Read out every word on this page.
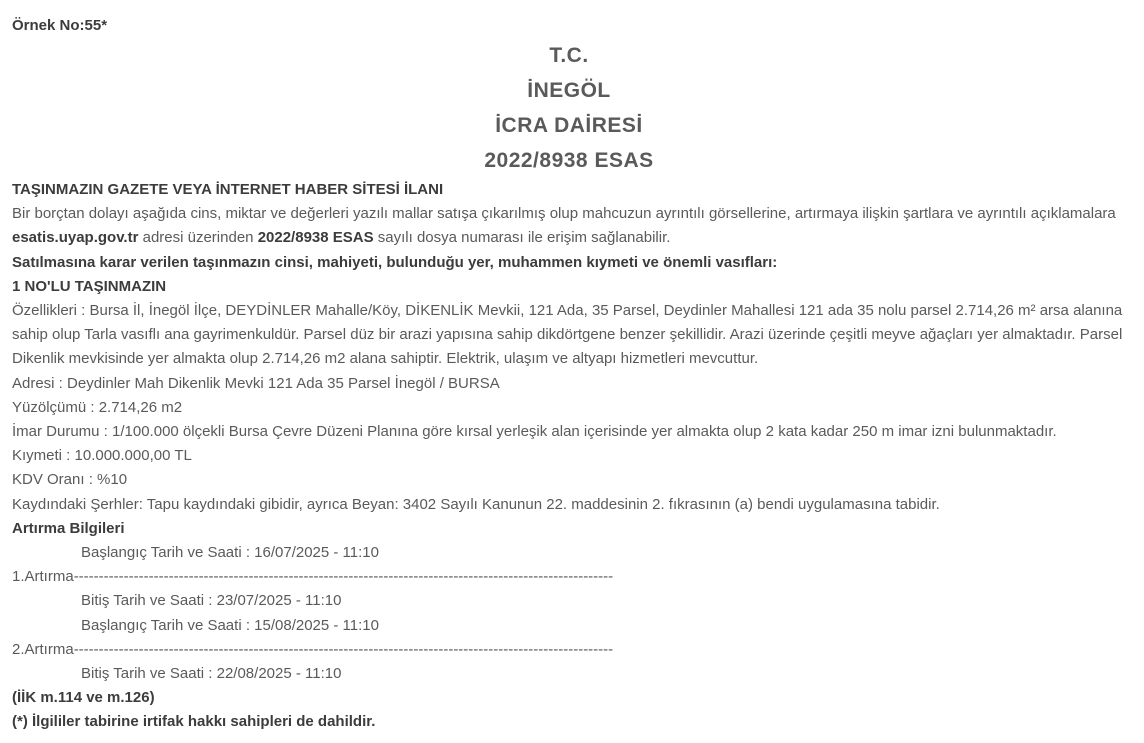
Örnek No:55*
T.C.
İNEGÖL
İCRA DAİRESİ
2022/8938 ESAS
TAŞINMAZIN GAZETE VEYA İNTERNET HABER SİTESİ İLANI
Bir borçtan dolayı aşağıda cins, miktar ve değerleri yazılı mallar satışa çıkarılmış olup mahcuzun ayrıntılı görsellerine, artırmaya ilişkin şartlara ve ayrıntılı açıklamalara esatis.uyap.gov.tr adresi üzerinden 2022/8938 ESAS sayılı dosya numarası ile erişim sağlanabilir.
Satılmasına karar verilen taşınmazın cinsi, mahiyeti, bulunduğu yer, muhammen kıymeti ve önemli vasıfları:
1 NO'LU TAŞINMAZIN
Özellikleri : Bursa İl, İnegöl İlçe, DEYDİNLER Mahalle/Köy, DİKENLİK Mevkii, 121 Ada, 35 Parsel, Deydinler Mahallesi 121 ada 35 nolu parsel 2.714,26 m² arsa alanına sahip olup Tarla vasıflı ana gayrimenkuldür. Parsel düz bir arazi yapısına sahip dikdörtgene benzer şekillidir. Arazi üzerinde çeşitli meyve ağaçları yer almaktadır. Parsel Dikenlik mevkisinde yer almakta olup 2.714,26 m2 alana sahiptir. Elektrik, ulaşım ve altyapı hizmetleri mevcuttur.
Adresi : Deydinler Mah Dikenlik Mevki 121 Ada 35 Parsel İnegöl / BURSA
Yüzölçümü : 2.714,26 m2
İmar Durumu : 1/100.000 ölçekli Bursa Çevre Düzeni Planına göre kırsal yerleşik alan içerisinde yer almakta olup 2 kata kadar 250 m imar izni bulunmaktadır.
Kıymeti : 10.000.000,00 TL
KDV Oranı : %10
Kaydındaki Şerhler: Tapu kaydındaki gibidir, ayrıca Beyan: 3402 Sayılı Kanunun 22. maddesinin 2. fıkrasının (a) bendi uygulamasına tabidir.
Artırma Bilgileri
Başlangıç Tarih ve Saati : 16/07/2025 - 11:10
1.Artırma ------------------------------------------------------------------------------------------------------------
Bitiş Tarih ve Saati : 23/07/2025 - 11:10
Başlangıç Tarih ve Saati : 15/08/2025 - 11:10
2.Artırma ------------------------------------------------------------------------------------------------------------
Bitiş Tarih ve Saati : 22/08/2025 - 11:10
(İİK m.114 ve m.126)
(*) İlgililer tabirine irtifak hakkı sahipleri de dahildir.
